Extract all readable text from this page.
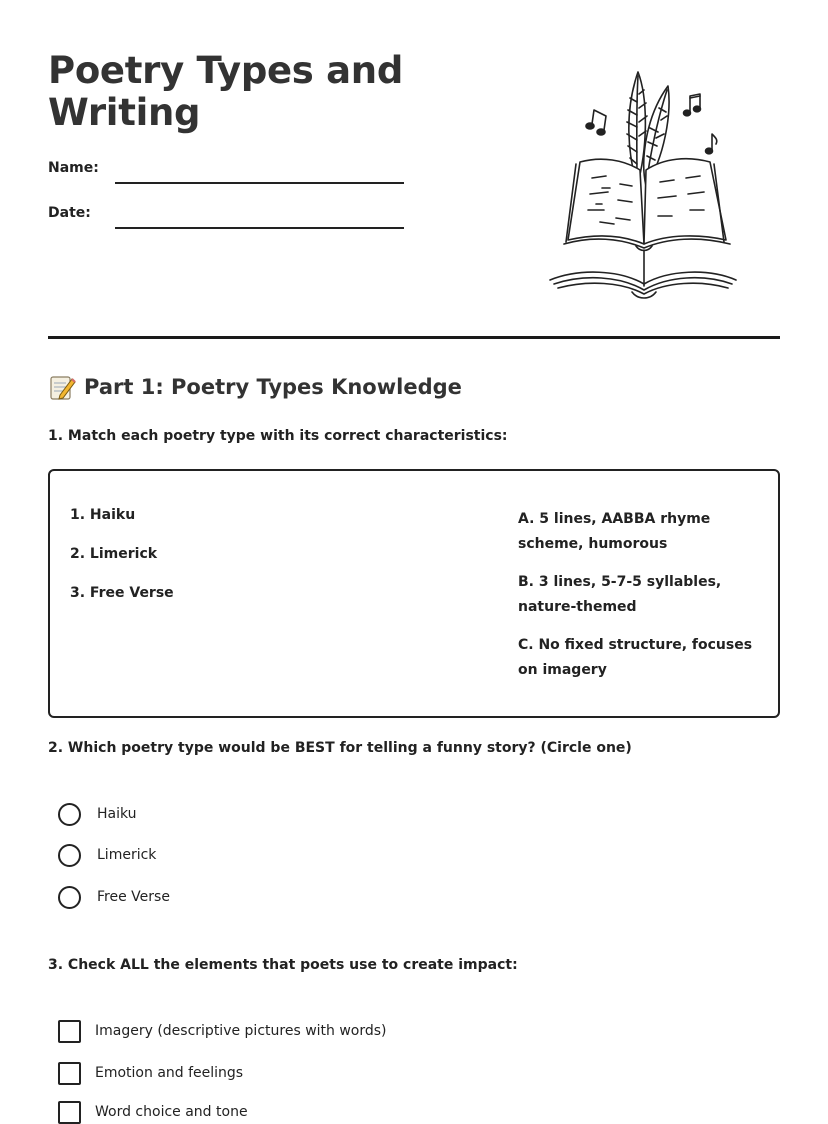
Poetry Types and Writing
Name:
Date:
Part 1: Poetry Types Knowledge
1. Match each poetry type with its correct characteristics:
1. Haiku
2. Limerick
3. Free Verse
A. 5 lines, AABBA rhyme scheme, humorous
B. 3 lines, 5-7-5 syllables, nature-themed
C. No fixed structure, focuses on imagery
2. Which poetry type would be BEST for telling a funny story? (Circle one)
Haiku
Limerick
Free Verse
3. Check ALL the elements that poets use to create impact:
Imagery (descriptive pictures with words)
Emotion and feelings
Word choice and tone
